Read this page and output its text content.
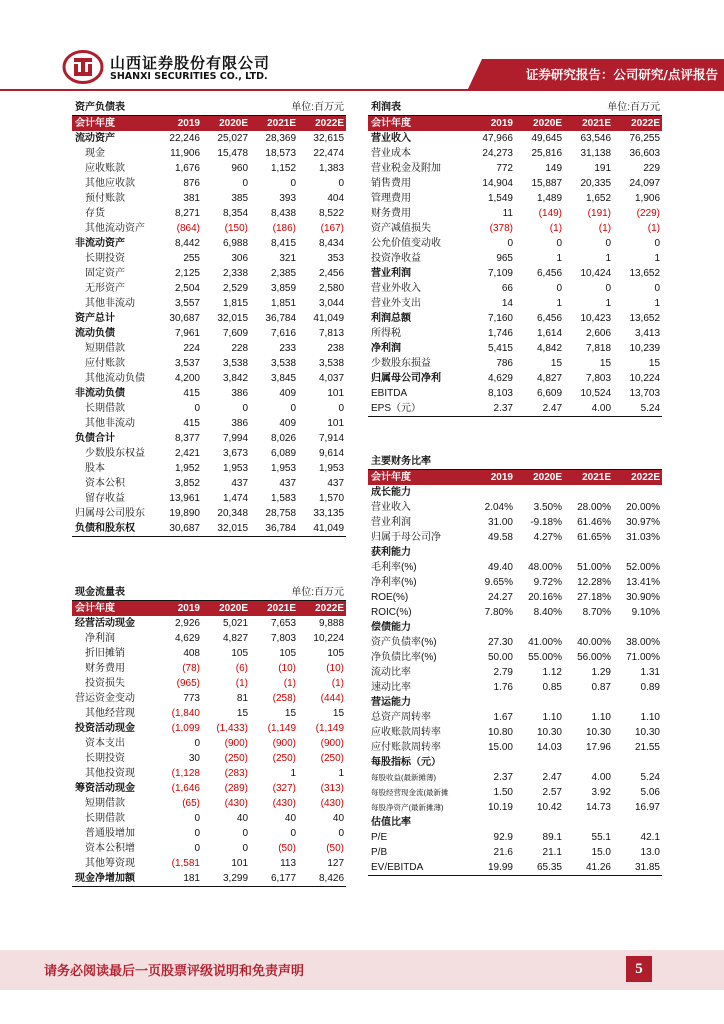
山西证券股份有限公司
SHANXI SECURITIES CO., LTD.	证券研究报告：公司研究/点评报告
资产负债表			单位:百万元	
会计年度	2019	2020E	2021E	2022E
流动资产	22,246	25,027	28,369	32,615
现金	11,906	15,478	18,573	22,474
应收账款	1,676	960	1,152	1,383
其他应收款	876	0	0	0
预付账款	381	385	393	404
存货	8,271	8,354	8,438	8,522
其他流动资产	(864)	(150)	(186)	(167)
非流动资产	8,442	6,988	8,415	8,434
长期投资	255	306	321	353
固定资产	2,125	2,338	2,385	2,456
无形资产	2,504	2,529	3,859	2,580
其他非流动	3,557	1,815	1,851	3,044
资产总计	30,687	32,015	36,784	41,049
流动负债	7,961	7,609	7,616	7,813
短期借款	224	228	233	238
应付账款	3,537	3,538	3,538	3,538
其他流动负债	4,200	3,842	3,845	4,037
非流动负债	415	386	409	101
长期借款	0	0	0	0
其他非流动	415	386	409	101
负债合计	8,377	7,994	8,026	7,914
少数股东权益	2,421	3,673	6,089	9,614
股本	1,952	1,953	1,953	1,953
资本公积	3,852	437	437	437
留存收益	13,961	1,474	1,583	1,570
归属母公司股东	19,890	20,348	28,758	33,135
负债和股东权	30,687	32,015	36,784	41,049
现金流量表			单位:百万元	
会计年度	2019	2020E	2021E	2022E
经营活动现金	2,926	5,021	7,653	9,888
净利润	4,629	4,827	7,803	10,224
折旧摊销	408	105	105	105
财务费用	(78)	(6)	(10)	(10)
投资损失	(965)	(1)	(1)	(1)
营运资金变动	773	81	(258)	(444)
其他经营现	(1,840	15	15	15
投资活动现金	(1,099	(1,433)	(1,149	(1,149
资本支出	0	(900)	(900)	(900)
长期投资	30	(250)	(250)	(250)
其他投资现	(1,128	(283)	1	1
筹资活动现金	(1,646	(289)	(327)	(313)
短期借款	(65)	(430)	(430)	(430)
长期借款	0	40	40	40
普通股增加	0	0	0	0
资本公积增	0	0	(50)	(50)
其他筹资现	(1,581	101	113	127
现金净增加额	181	3,299	6,177	8,426
利润表			单位:百万元	
会计年度	2019	2020E	2021E	2022E
营业收入	47,966	49,645	63,546	76,255
营业成本	24,273	25,816	31,138	36,603
营业税金及附加	772	149	191	229
销售费用	14,904	15,887	20,335	24,097
管理费用	1,549	1,489	1,652	1,906
财务费用	11	(149)	(191)	(229)
资产减值损失	(378)	(1)	(1)	(1)
公允价值变动收	0	0	0	0
投资净收益	965	1	1	1
营业利润	7,109	6,456	10,424	13,652
营业外收入	66	0	0	0
营业外支出	14	1	1	1
利润总额	7,160	6,456	10,423	13,652
所得税	1,746	1,614	2,606	3,413
净利润	5,415	4,842	7,818	10,239
少数股东损益	786	15	15	15
归属母公司净利	4,629	4,827	7,803	10,224
EBITDA	8,103	6,609	10,524	13,703
EPS（元）	2.37	2.47	4.00	5.24
主要财务比率				
会计年度	2019	2020E	2021E	2022E
成长能力				
营业收入	2.04%	3.50%	28.00%	20.00%
营业利润	31.00	-9.18%	61.46%	30.97%
归属于母公司净	49.58	4.27%	61.65%	31.03%
获利能力				
毛利率(%)	49.40	48.00%	51.00%	52.00%
净利率(%)	9.65%	9.72%	12.28%	13.41%
ROE(%)	24.27	20.16%	27.18%	30.90%
ROIC(%)	7.80%	8.40%	8.70%	9.10%
偿债能力				
资产负债率(%)	27.30	41.00%	40.00%	38.00%
净负债比率(%)	50.00	55.00%	56.00%	71.00%
流动比率	2.79	1.12	1.29	1.31
速动比率	1.76	0.85	0.87	0.89
营运能力				
总资产周转率	1.67	1.10	1.10	1.10
应收账款周转率	10.80	10.30	10.30	10.30
应付账款周转率	15.00	14.03	17.96	21.55
每股指标（元）				
每股收益(最新摊薄)	2.37	2.47	4.00	5.24
每股经营现金流(最新摊	1.50	2.57	3.92	5.06
每股净资产(最新摊薄)	10.19	10.42	14.73	16.97
估值比率				
P/E	92.9	89.1	55.1	42.1
P/B	21.6	21.1	15.0	13.0
EV/EBITDA	19.99	65.35	41.26	31.85
请务必阅读最后一页股票评级说明和免责声明	5
